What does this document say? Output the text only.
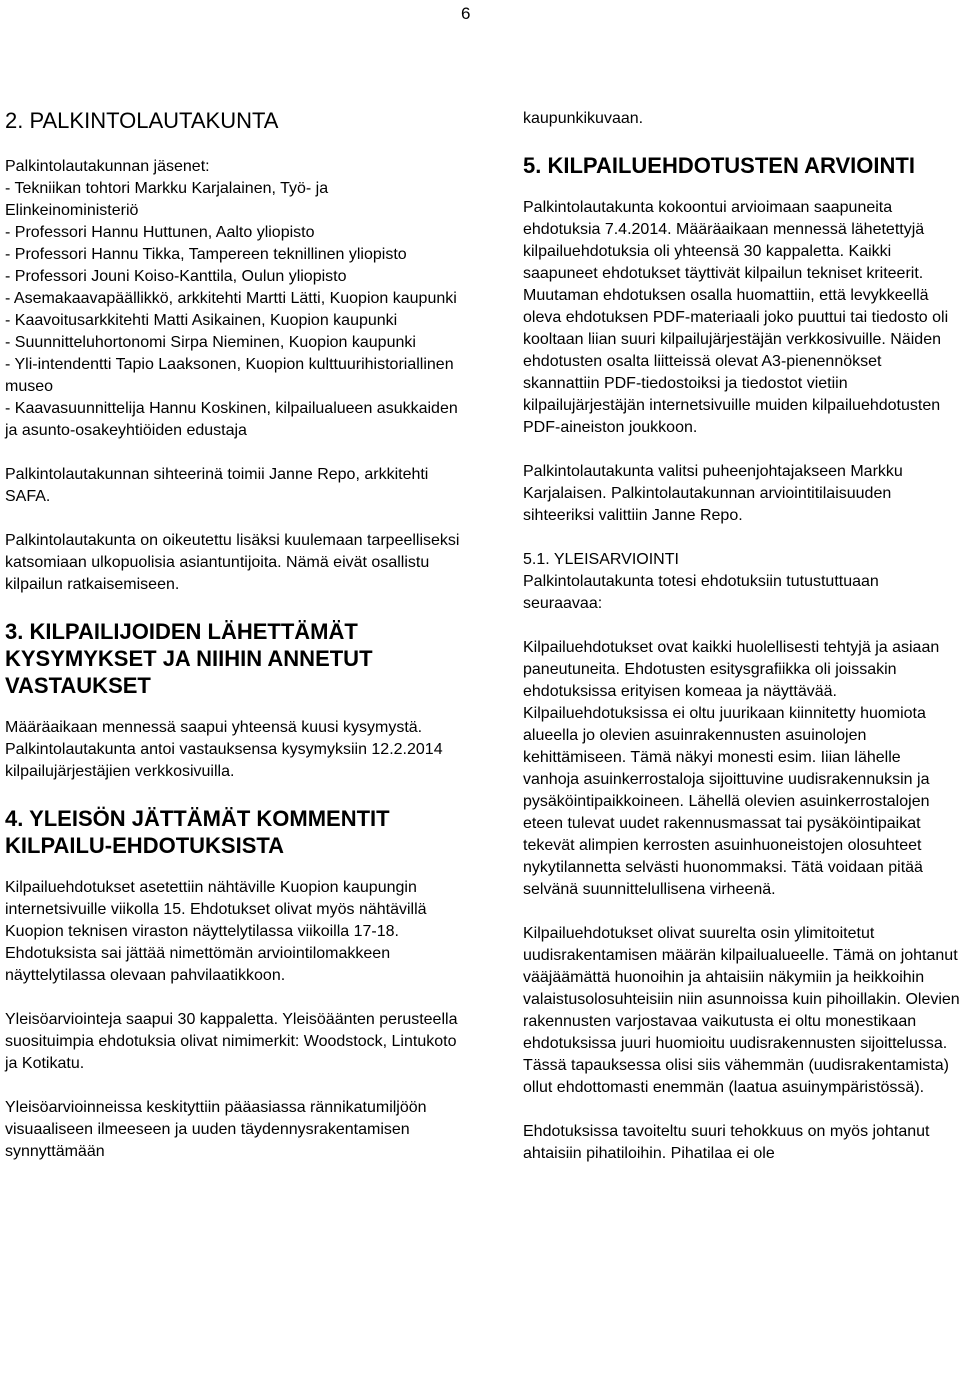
6
2. PALKINTOLAUTAKUNTA

Palkintolautakunnan jäsenet:

- Tekniikan tohtori Markku Karjalainen, Työ- ja Elinkeinoministeriö

- Professori Hannu Huttunen, Aalto yliopisto

- Professori Hannu Tikka, Tampereen teknillinen yliopisto

- Professori Jouni Koiso-Kanttila, Oulun yliopisto

- Asemakaavapäällikkö, arkkitehti Martti Lätti, Kuopion kaupunki

- Kaavoitusarkkitehti Matti Asikainen, Kuopion kaupunki

- Suunnitteluhortonomi Sirpa Nieminen, Kuopion kaupunki

- Yli-intendentti Tapio Laaksonen, Kuopion kulttuurihistoriallinen museo

- Kaavasuunnittelija Hannu Koskinen, kilpailualueen asukkaiden ja asunto-osakeyhtiöiden edustaja

Palkintolautakunnan sihteerinä toimii Janne Repo, arkkitehti SAFA.

Palkintolautakunta on oikeutettu lisäksi kuulemaan tarpeelliseksi katsomiaan ulkopuolisia asiantuntijoita. Nämä eivät osallistu kilpailun ratkaisemiseen.

3. KILPAILIJOIDEN LÄHETTÄMÄT KYSYMYKSET JA NIIHIN ANNETUT VASTAUKSET

Määräaikaan mennessä saapui yhteensä kuusi kysymystä. Palkintolautakunta antoi vastauksensa kysymyksiin 12.2.2014 kilpailujärjestäjien verkkosivuilla.

4. YLEISÖN JÄTTÄMÄT KOMMENTIT KILPAILU-EHDOTUKSISTA

Kilpailuehdotukset asetettiin nähtäville Kuopion kaupungin internetsivuille viikolla 15. Ehdotukset olivat myös nähtävillä Kuopion teknisen viraston näyttelytilassa viikoilla 17-18. Ehdotuksista sai jättää nimettömän arviointilomakkeen näyttelytilassa olevaan pahvilaatikkoon.

Yleisöarviointeja saapui 30 kappaletta. Yleisöäänten perusteella suosituimpia ehdotuksia olivat nimimerkit: Woodstock, Lintukoto ja Kotikatu.

Yleisöarvioinneissa keskityttiin pääasiassa rännikatumiljöön visuaaliseen ilmeeseen ja uuden täydennysrakentamisen synnyttämään

kaupunkikuvaan.

5. KILPAILUEHDOTUSTEN ARVIOINTI

Palkintolautakunta kokoontui arvioimaan saapuneita ehdotuksia 7.4.2014. Määräaikaan mennessä lähetettyjä kilpailuehdotuksia oli yhteensä 30 kappaletta. Kaikki saapuneet ehdotukset täyttivät kilpailun tekniset kriteerit. Muutaman ehdotuksen osalla huomattiin, että levykkeellä oleva ehdotuksen PDF-materiaali joko puuttui tai tiedosto oli kooltaan liian suuri kilpailujärjestäjän verkkosivuille. Näiden ehdotusten osalta liitteissä olevat A3-pienennökset skannattiin PDF-tiedostoiksi ja tiedostot vietiin kilpailujärjestäjän internetsivuille muiden kilpailuehdotusten PDF-aineiston joukkoon.

Palkintolautakunta valitsi puheenjohtajakseen Markku Karjalaisen. Palkintolautakunnan arviointitilaisuuden sihteeriksi valittiin Janne Repo.

5.1. YLEISARVIOINTI

Palkintolautakunta totesi ehdotuksiin tutustuttuaan seuraavaa:

Kilpailuehdotukset ovat kaikki huolellisesti tehtyjä ja asiaan paneutuneita. Ehdotusten esitysgrafiikka oli joissakin ehdotuksissa erityisen komeaa ja näyttävää. Kilpailuehdotuksissa ei oltu juurikaan kiinnitetty huomiota alueella jo olevien asuinrakennusten asuinolojen kehittämiseen. Tämä näkyi monesti esim. Iiian lähelle vanhoja asuinkerrostaloja sijoittuvine uudisrakennuksin ja pysäköintipaikkoineen. Lähellä olevien asuinkerrostalojen eteen tulevat uudet rakennusmassat tai pysäköintipaikat tekevät alimpien kerrosten asuinhuoneistojen olosuhteet nykytilannetta selvästi huonommaksi. Tätä voidaan pitää selvänä suunnittelullisena virheenä.

Kilpailuehdotukset olivat suurelta osin ylimitoitetut uudisrakentamisen määrän kilpailualueelle. Tämä on johtanut vääjäämättä huonoihin ja ahtaisiin näkymiin ja heikkoihin valaistusolosuhteisiin niin asunnoissa kuin pihoillakin. Olevien rakennusten varjostavaa vaikutusta ei oltu monestikaan ehdotuksissa juuri huomioitu uudisrakennusten sijoittelussa. Tässä tapauksessa olisi siis vähemmän (uudisrakentamista) ollut ehdottomasti enemmän (laatua asuinympäristössä).

Ehdotuksissa tavoiteltu suuri tehokkuus on myös johtanut ahtaisiin pihatiloihin. Pihatilaa ei ole
